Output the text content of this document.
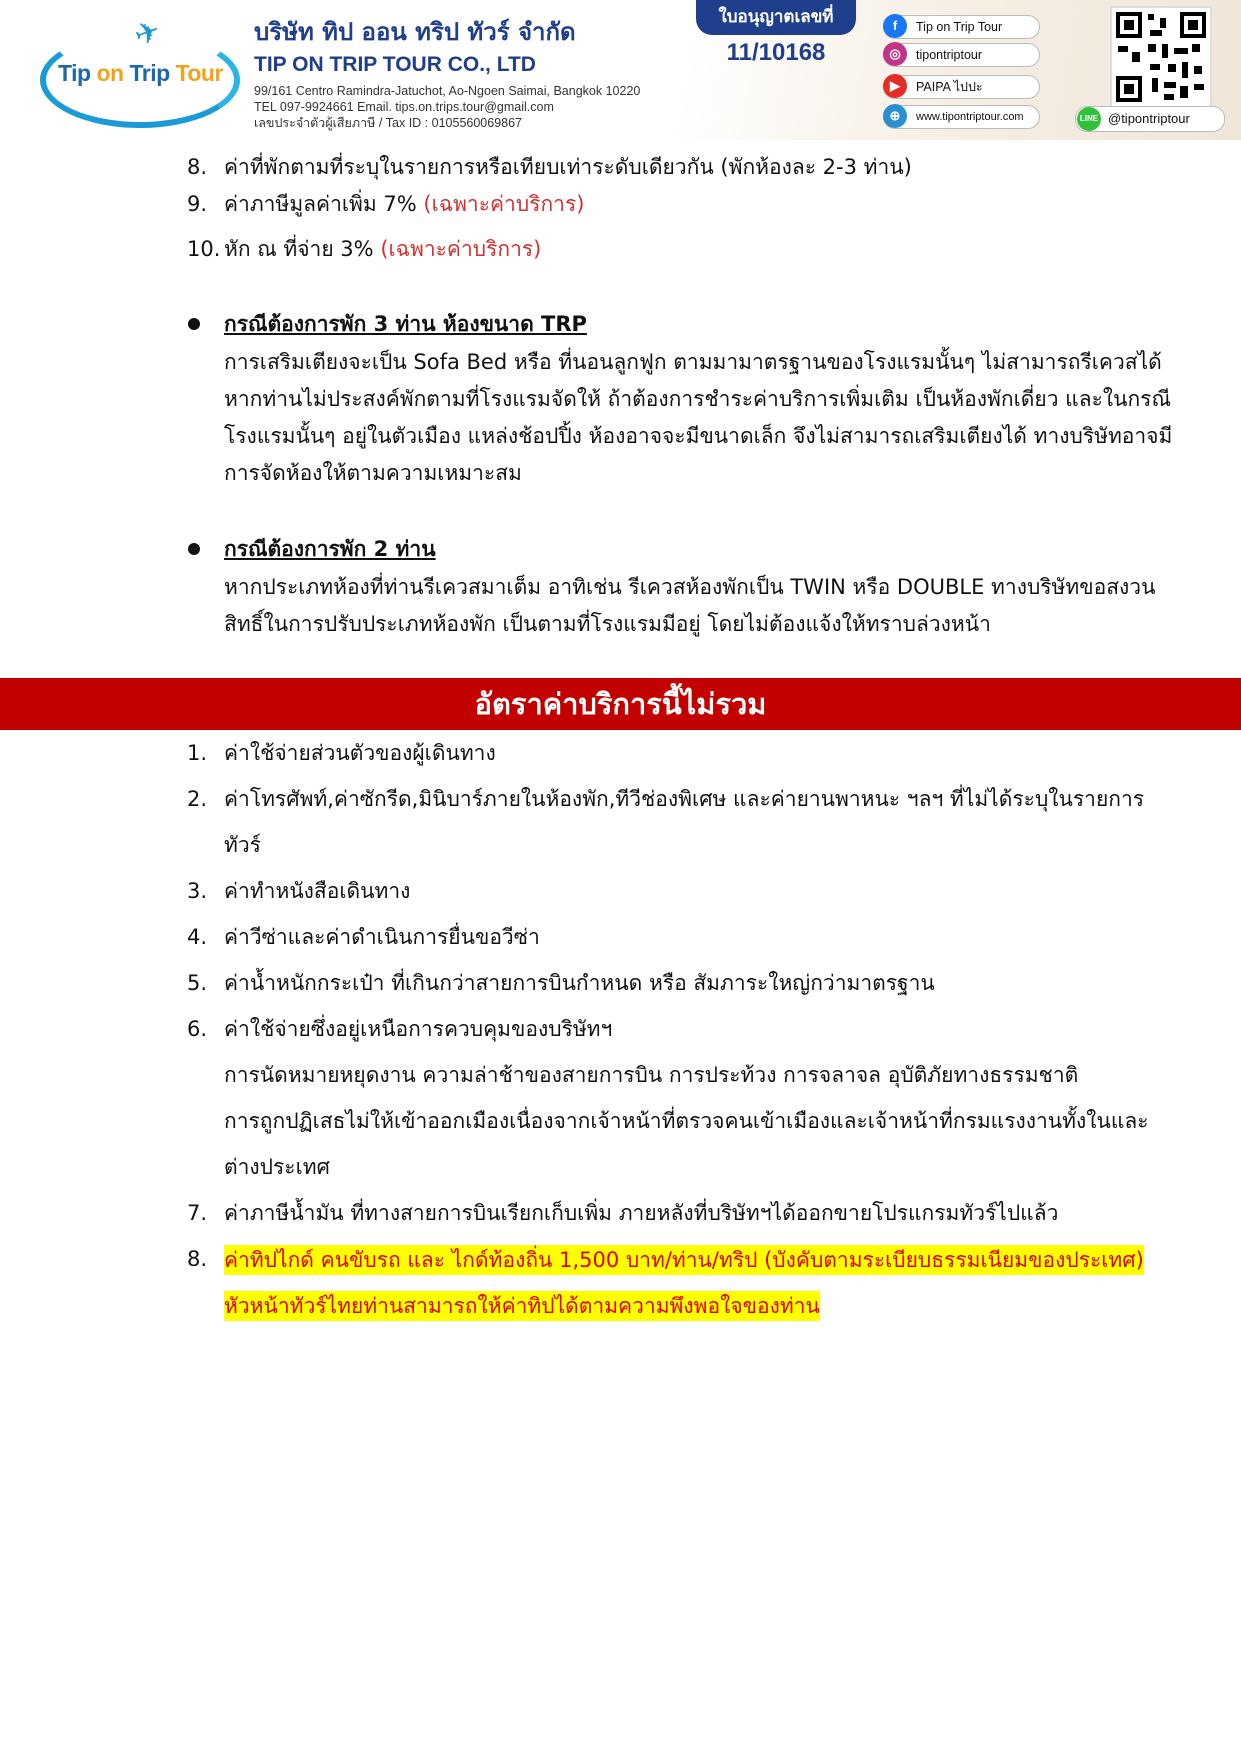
✈
Tip on Trip Tour
บริษัท ทิป ออน ทริป ทัวร์ จำกัด
TIP ON TRIP TOUR CO., LTD
99/161 Centro Ramindra-Jatuchot, Ao-Ngoen Saimai, Bangkok 10220
TEL 097-9924661 Email. tips.on.trips.tour@gmail.com
เลขประจำตัวผู้เสียภาษี / Tax ID : 0105560069867
ใบอนุญาตเลขที่
11/10168
f	Tip on Trip Tour
◎	tipontriptour
▶	PAIPA ไปปะ
⊕	www.tipontriptour.com	LINE @tipontriptour
8. ค่าที่พักตามที่ระบุในรายการหรือเทียบเท่าระดับเดียวกัน (พักห้องละ 2-3 ท่าน)
9. ค่าภาษีมูลค่าเพิ่ม 7% (เฉพาะค่าบริการ)
10. หัก ณ ที่จ่าย 3% (เฉพาะค่าบริการ)
กรณีต้องการพัก 3 ท่าน ห้องขนาด TRP
การเสริมเตียงจะเป็น Sofa Bed หรือ ที่นอนลูกฟูก ตามมามาตรฐานของโรงแรมนั้นๆ ไม่สามารถรีเควสได้
หากท่านไม่ประสงค์พักตามที่โรงแรมจัดให้ ถ้าต้องการชำระค่าบริการเพิ่มเติม เป็นห้องพักเดี่ยว และในกรณี
โรงแรมนั้นๆ อยู่ในตัวเมือง แหล่งช้อปปิ้ง ห้องอาจจะมีขนาดเล็ก จึงไม่สามารถเสริมเตียงได้ ทางบริษัทอาจมี
การจัดห้องให้ตามความเหมาะสม
กรณีต้องการพัก 2 ท่าน
หากประเภทห้องที่ท่านรีเควสมาเต็ม อาทิเช่น รีเควสห้องพักเป็น TWIN หรือ DOUBLE ทางบริษัทขอสงวน
สิทธิ์ในการปรับประเภทห้องพัก เป็นตามที่โรงแรมมีอยู่ โดยไม่ต้องแจ้งให้ทราบล่วงหน้า
อัตราค่าบริการนี้ไม่รวม
1. ค่าใช้จ่ายส่วนตัวของผู้เดินทาง
2. ค่าโทรศัพท์,ค่าซักรีด,มินิบาร์ภายในห้องพัก,ทีวีช่องพิเศษ และค่ายานพาหนะ ฯลฯ ที่ไม่ได้ระบุในรายการ
ทัวร์
3. ค่าทำหนังสือเดินทาง
4. ค่าวีซ่าและค่าดำเนินการยื่นขอวีซ่า
5. ค่าน้ำหนักกระเป๋า ที่เกินกว่าสายการบินกำหนด หรือ สัมภาระใหญ่กว่ามาตรฐาน
6. ค่าใช้จ่ายซึ่งอยู่เหนือการควบคุมของบริษัทฯ
การนัดหมายหยุดงาน ความล่าช้าของสายการบิน การประท้วง การจลาจล อุบัติภัยทางธรรมชาติ
การถูกปฏิเสธไม่ให้เข้าออกเมืองเนื่องจากเจ้าหน้าที่ตรวจคนเข้าเมืองและเจ้าหน้าที่กรมแรงงานทั้งในและ
ต่างประเทศ
7. ค่าภาษีน้ำมัน ที่ทางสายการบินเรียกเก็บเพิ่ม ภายหลังที่บริษัทฯได้ออกขายโปรแกรมทัวร์ไปแล้ว
8. ค่าทิปไกด์ คนขับรถ และ ไกด์ท้องถิ่น 1,500 บาท/ท่าน/ทริป (บังคับตามระเบียบธรรมเนียมของประเทศ)
หัวหน้าทัวร์ไทยท่านสามารถให้ค่าทิปได้ตามความพึงพอใจของท่าน
